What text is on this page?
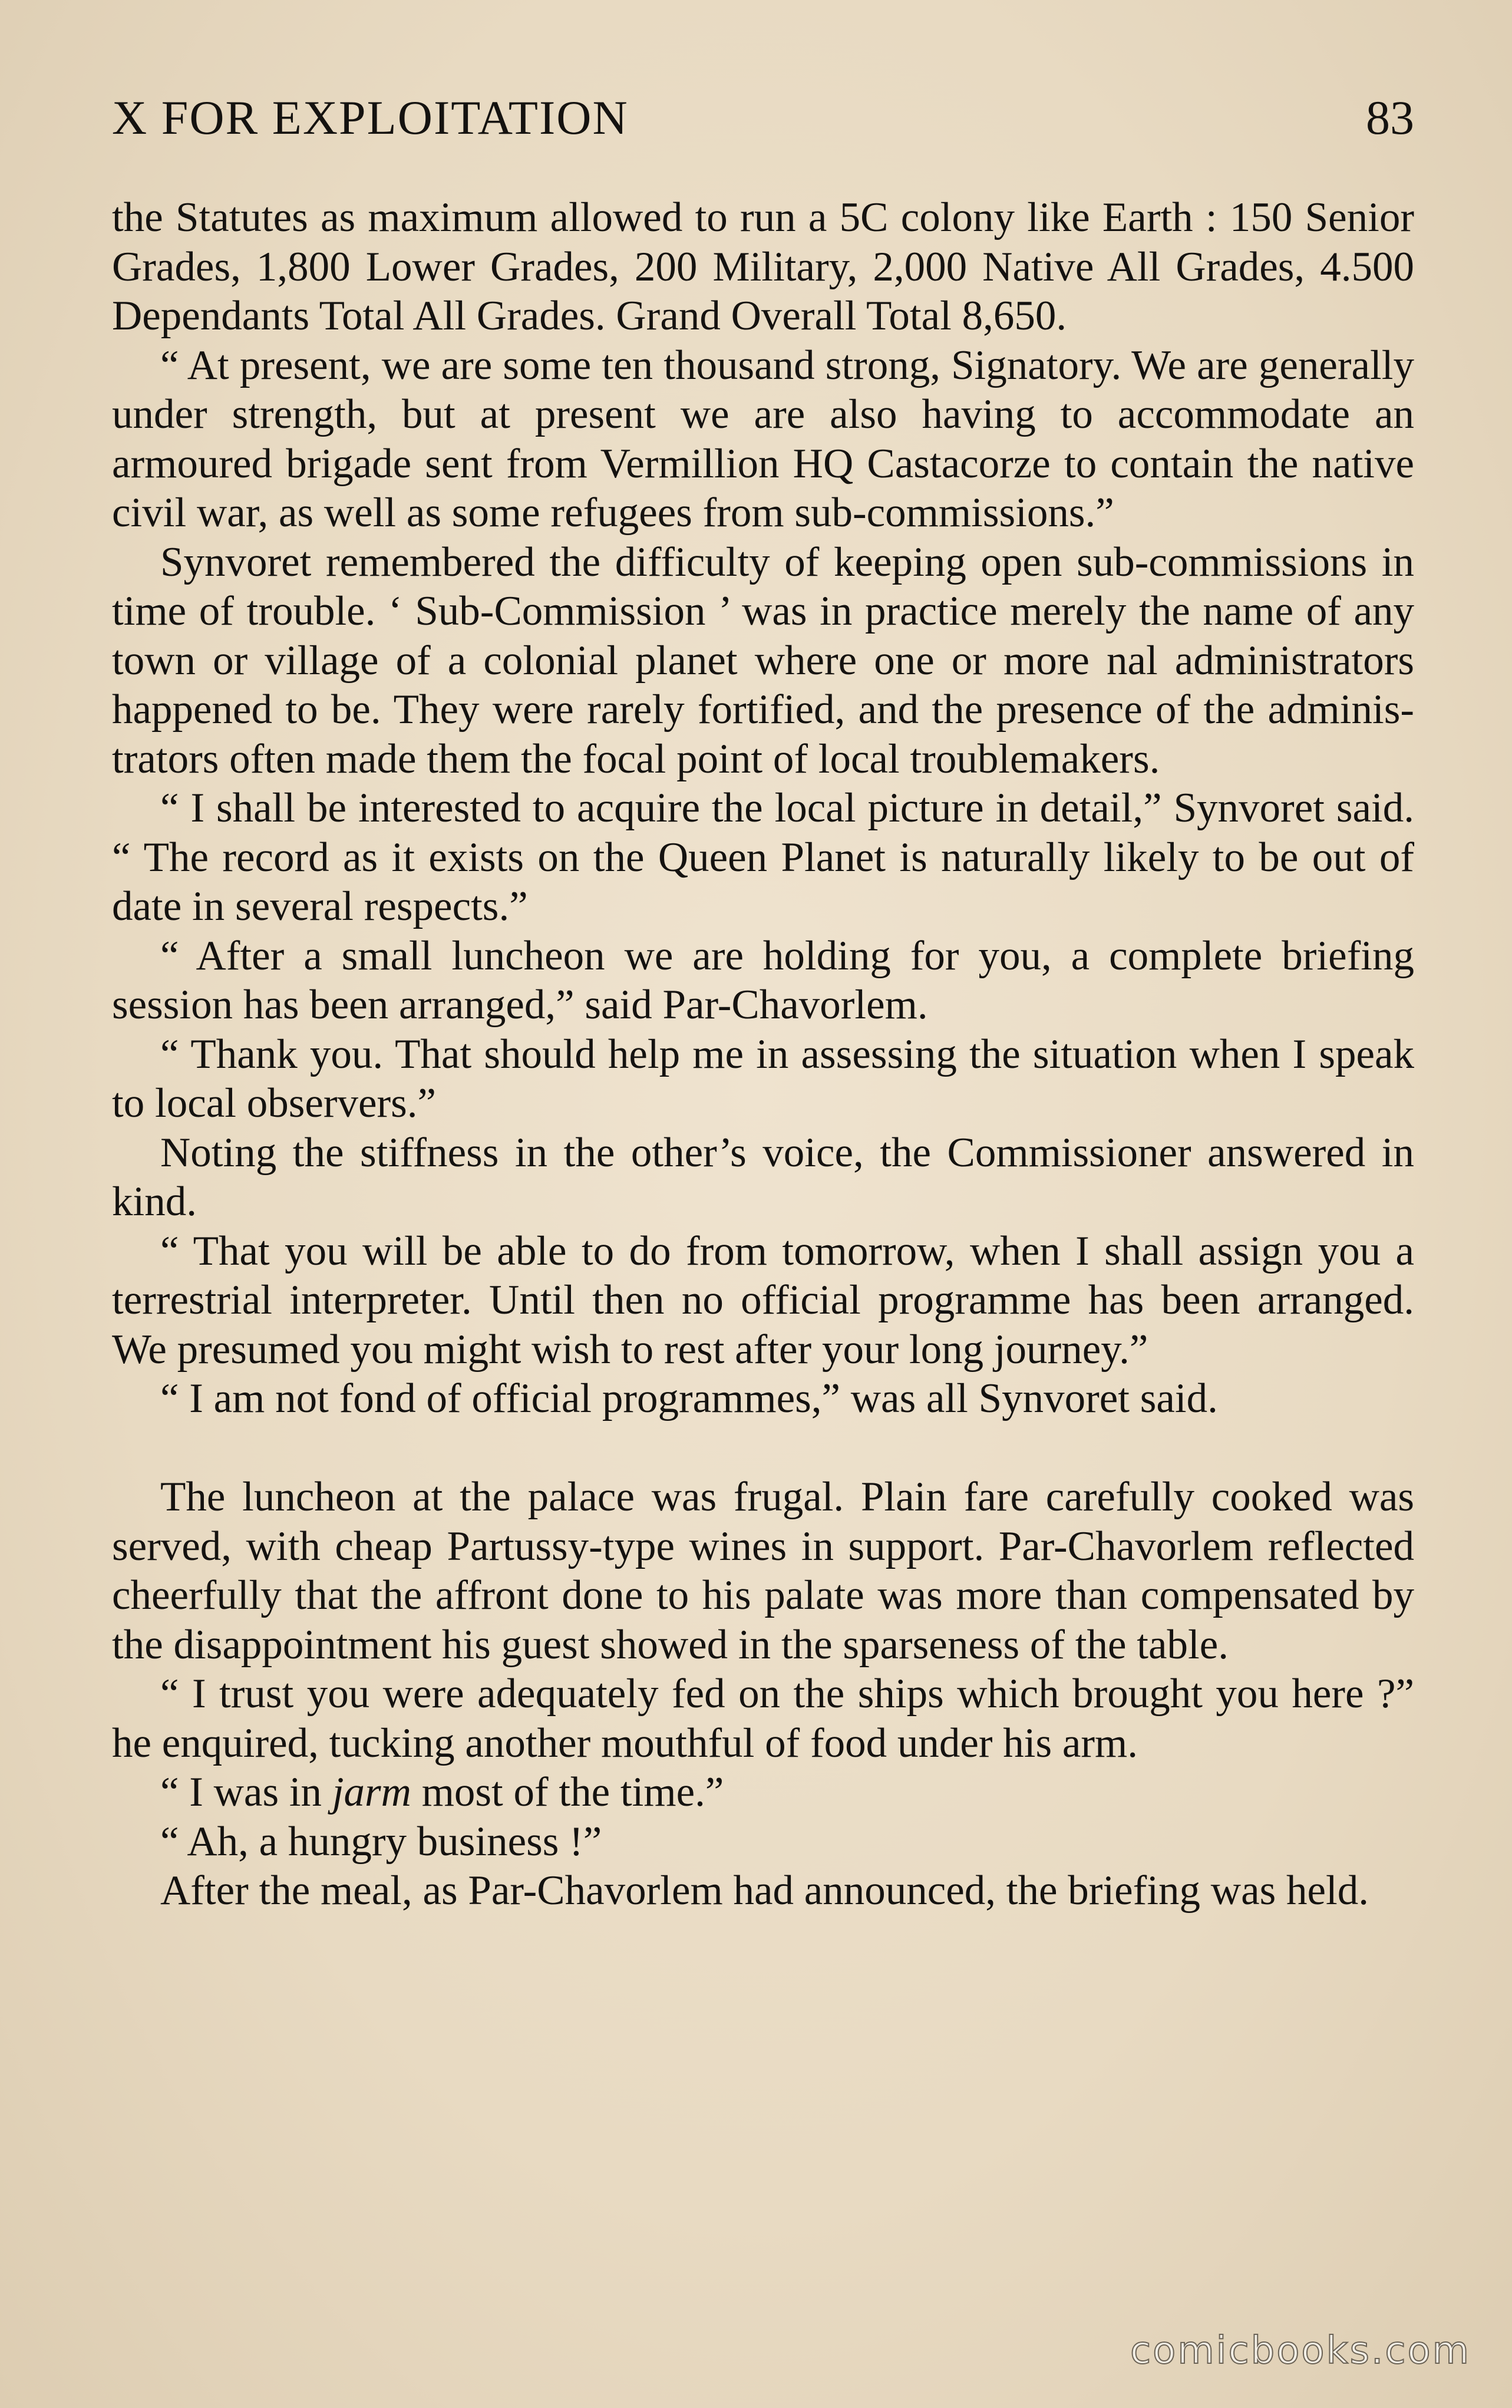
X FOR EXPLOITATION	83

the Statutes as maximum allowed to run a 5C colony like Earth : 150 Senior Grades, 1,800 Lower Grades, 200 Military, 2,000 Native All Grades, 4.500 Dependants Total All Grades. Grand Overall Total 8,650.

“ At present, we are some ten thousand strong, Signatory. We are generally under strength, but at present we are also having to accommodate an armoured brigade sent from Vermillion HQ Castacorze to contain the native civil war, as well as some refugees from sub-commissions.”

Synvoret remembered the difficulty of keeping open sub-commissions in time of trouble. ‘ Sub-Commission ’ was in practice merely the name of any town or village of a colonial planet where one or more nal administrators happened to be. They were rarely fortified, and the presence of the adminis-trators often made them the focal point of local troublemakers.

“ I shall be interested to acquire the local picture in detail,” Synvoret said. “ The record as it exists on the Queen Planet is naturally likely to be out of date in several respects.”

“ After a small luncheon we are holding for you, a complete briefing session has been arranged,” said Par-Chavorlem.

“ Thank you. That should help me in assessing the situation when I speak to local observers.”

Noting the stiffness in the other’s voice, the Commissioner answered in kind.

“ That you will be able to do from tomorrow, when I shall assign you a terrestrial interpreter. Until then no official programme has been arranged. We presumed you might wish to rest after your long journey.”

“ I am not fond of official programmes,” was all Synvoret said.

The luncheon at the palace was frugal. Plain fare carefully cooked was served, with cheap Partussy-type wines in support. Par-Chavorlem reflected cheerfully that the affront done to his palate was more than compensated by the disappointment his guest showed in the sparseness of the table.

“ I trust you were adequately fed on the ships which brought you here ?” he enquired, tucking another mouthful of food under his arm.

“ I was in jarm most of the time.”

“ Ah, a hungry business !”

After the meal, as Par-Chavorlem had announced, the briefing was held.

comicbooks.com
